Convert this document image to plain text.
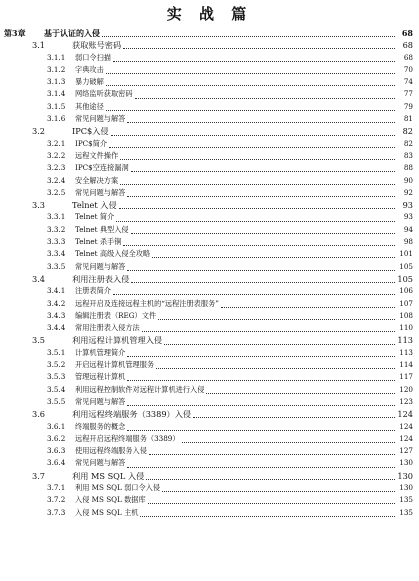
实 战 篇
第3章	基于认证的入侵	68
3.1	获取账号密码	68
3.1.1	弱口令扫描	68
3.1.2	字典攻击	70
3.1.3	暴力破解	74
3.1.4	网络监听获取密码	77
3.1.5	其他途径	79
3.1.6	常见问题与解答	81
3.2	IPC$入侵	82
3.2.1	IPC$简介	82
3.2.2	远程文件操作	83
3.2.3	IPC$空连接漏洞	88
3.2.4	安全解决方案	90
3.2.5	常见问题与解答	92
3.3	Telnet 入侵	93
3.3.1	Telnet 简介	93
3.3.2	Telnet 典型入侵	94
3.3.3	Telnet 杀手锏	98
3.3.4	Telnet 高级入侵全攻略	101
3.3.5	常见问题与解答	105
3.4	利用注册表入侵	105
3.4.1	注册表简介	106
3.4.2	远程开启及连接远程主机的“远程注册表服务”	107
3.4.3	编辑注册表（REG）文件	108
3.4.4	常用注册表入侵方法	110
3.5	利用远程计算机管理入侵	113
3.5.1	计算机管理简介	113
3.5.2	开启远程计算机管理服务	114
3.5.3	管理远程计算机	117
3.5.4	利用远程控制软件对远程计算机进行入侵	120
3.5.5	常见问题与解答	123
3.6	利用远程终端服务（3389）入侵	124
3.6.1	终端服务的概念	124
3.6.2	远程开启远程终端服务（3389）	124
3.6.3	使用远程终端服务入侵	127
3.6.4	常见问题与解答	130
3.7	利用 MS SQL 入侵	130
3.7.1	利用 MS SQL 弱口令入侵	130
3.7.2	入侵 MS SQL 数据库	135
3.7.3	入侵 MS SQL 主机	135
